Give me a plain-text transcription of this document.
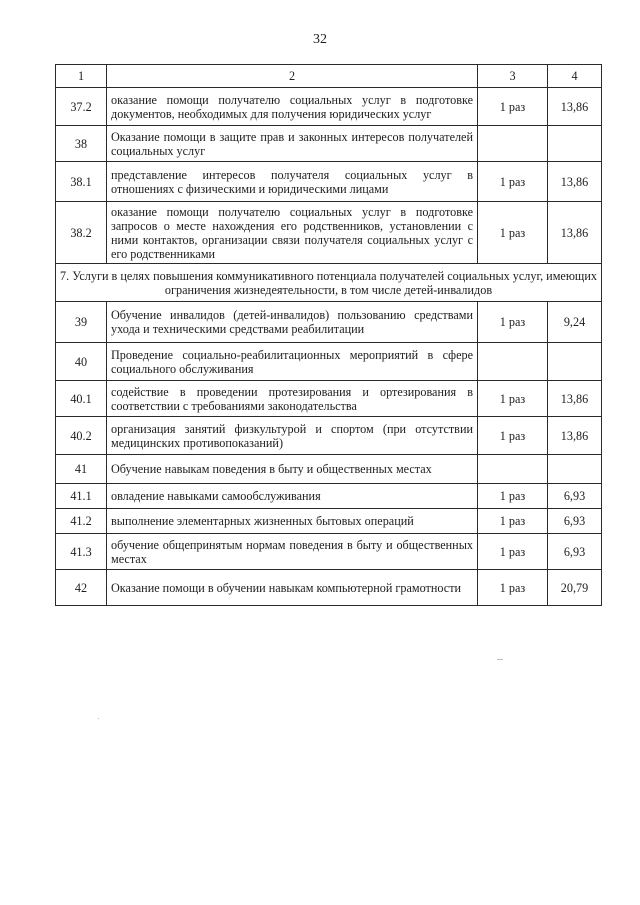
32
1	2	3	4
37.2	оказание помощи получателю социальных услуг в подготовке документов, необходимых для получения юридических услуг	1 раз	13,86
38	Оказание помощи в защите прав и законных интересов получателей социальных услуг		
38.1	представление интересов получателя социальных услуг в отношениях с физическими и юридическими лицами	1 раз	13,86
38.2	оказание помощи получателю социальных услуг в подготовке запросов о месте нахождения его родственников, установлении с ними контактов, организации связи получателя социальных услуг с его родственниками	1 раз	13,86
7. Услуги в целях повышения коммуникативного потенциала получателей социальных услуг, имеющих ограничения жизнедеятельности, в том числе детей-инвалидов			
39	Обучение инвалидов (детей-инвалидов) пользованию средствами ухода и техническими средствами реабилитации	1 раз	9,24
40	Проведение социально-реабилитационных мероприятий в сфере социального обслуживания		
40.1	содействие в проведении протезирования и ортезирования в соответствии с требованиями законодательства	1 раз	13,86
40.2	организация занятий физкультурой и спортом (при отсутствии медицинских противопоказаний)	1 раз	13,86
41	Обучение навыкам поведения в быту и общественных местах		
41.1	овладение навыками самообслуживания	1 раз	6,93
41.2	выполнение элементарных жизненных бытовых операций	1 раз	6,93
41.3	обучение общепринятым нормам поведения в быту и общественных местах	1 раз	6,93
42	Оказание помощи в обучении навыкам компьютерной грамотности	1 раз	20,79
